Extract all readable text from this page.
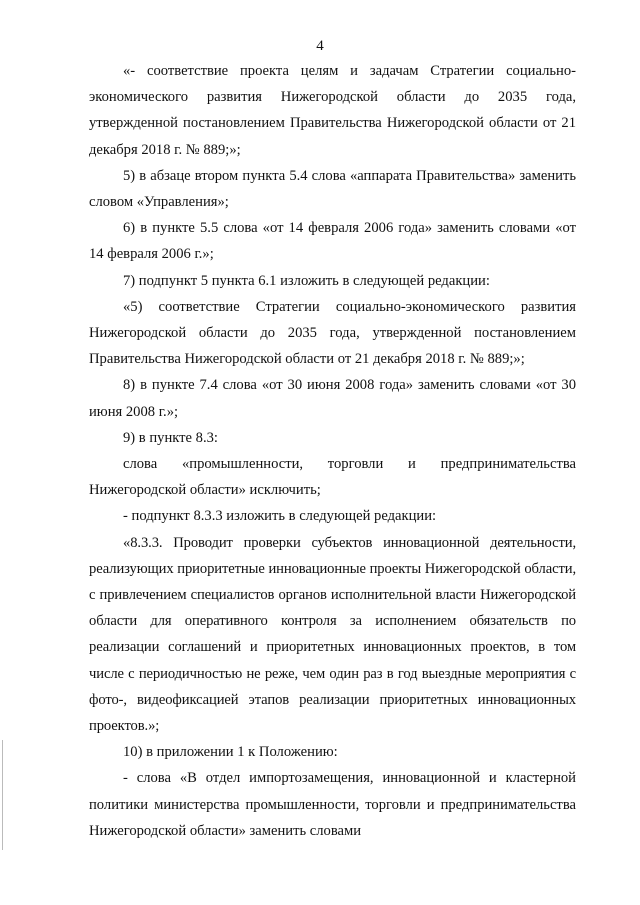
4

«- соответствие проекта целям и задачам Стратегии социально-экономического развития Нижегородской области до 2035 года, утвержденной постановлением Правительства Нижегородской области от 21 декабря 2018 г. № 889;»;

5) в абзаце втором пункта 5.4 слова «аппарата Правительства» заменить словом «Управления»;

6) в пункте 5.5 слова «от 14 февраля 2006 года» заменить словами «от 14 февраля 2006 г.»;

7) подпункт 5 пункта 6.1 изложить в следующей редакции:

«5) соответствие Стратегии социально-экономического развития Нижегородской области до 2035 года, утвержденной постановлением Правительства Нижегородской области от 21 декабря 2018 г. № 889;»;

8) в пункте 7.4 слова «от 30 июня 2008 года» заменить словами «от 30 июня 2008 г.»;

9) в пункте 8.3:

слова «промышленности, торговли и предпринимательства Нижегородской области» исключить;

- подпункт 8.3.3 изложить в следующей редакции:

«8.3.3. Проводит проверки субъектов инновационной деятельности, реализующих приоритетные инновационные проекты Нижегородской области, с привлечением специалистов органов исполнительной власти Нижегородской области для оперативного контроля за исполнением обязательств по реализации соглашений и приоритетных инновационных проектов, в том числе с периодичностью не реже, чем один раз в год выездные мероприятия с фото-, видеофиксацией этапов реализации приоритетных инновационных проектов.»;

10) в приложении 1 к Положению:

- слова «В отдел импортозамещения, инновационной и кластерной политики министерства промышленности, торговли и предпринимательства Нижегородской области» заменить словами
